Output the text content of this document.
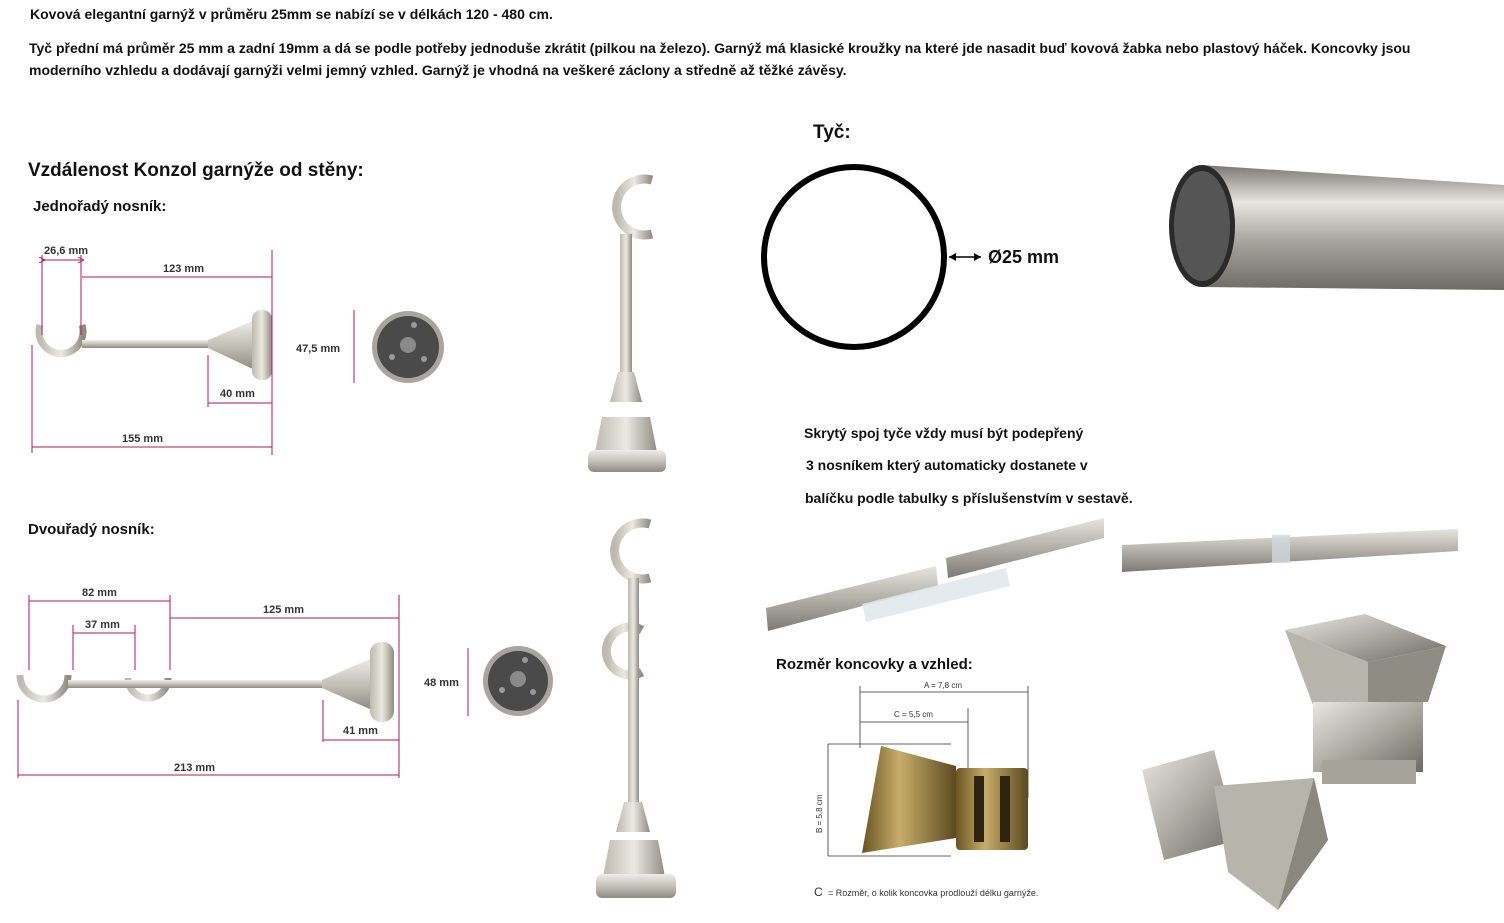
Kovová elegantní garnýž v průměru 25mm se nabízí se v délkách 120 - 480 cm.
Tyč přední má průměr 25 mm a zadní 19mm a dá se podle potřeby jednoduše zkrátit (pilkou na železo). Garnýž má klasické kroužky na které jde nasadit buď kovová žabka nebo plastový háček. Koncovky jsou moderního vzhledu a dodávají garnýži velmi jemný vzhled. Garnýž je vhodná na veškeré záclony a středně až těžké závěsy.
Vzdálenost Konzol garnýže od stěny:
Jednořadý nosník:
Dvouřadý nosník:
26,6 mm
123 mm
40 mm
155 mm
47,5 mm
82 mm
37 mm
125 mm
41 mm
213 mm
48 mm
Tyč:
Ø25 mm
Skrytý spoj tyče vždy musí být podepřený
3 nosníkem který automaticky dostanete v
balíčku podle tabulky s příslušenstvím v sestavě.
Rozměr koncovky a vzhled:
A = 7,8 cm
C = 5,5 cm
B = 5,8 cm
C = Rozměr, o kolik koncovka prodlouží délku garnýže.
